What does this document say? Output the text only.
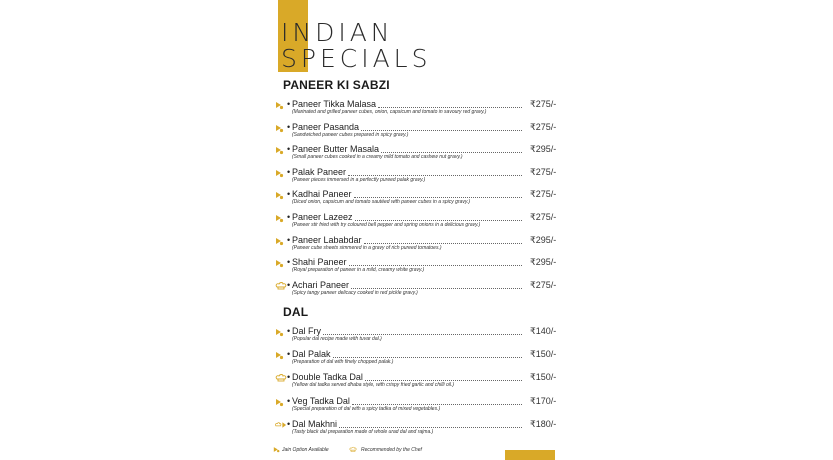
INDIAN
SPECIALS
PANEER KI SABZI
DAL
• Paneer Tikka Malasa	₹275/-
(Marinated and grilled paneer cubes, onion, capsicum and tomato in savoury red gravy.)
• Paneer Pasanda	₹275/-
(Sandwiched paneer cubes prepared in spicy gravy.)
• Paneer Butter Masala	₹295/-
(Small paneer cubes cooked in a creamy mild tomato and cashew nut gravy.)
• Palak Paneer	₹275/-
(Paneer pieces immersed in a perfectly pureed palak gravy.)
• Kadhai Paneer	₹275/-
(Diced onion, capsicum and tomato sautéed with paneer cubes in a spicy gravy.)
• Paneer Lazeez	₹275/-
(Paneer stir fried with try coloured bell pepper and spring onions in a delicious gravy.)
• Paneer Lababdar	₹295/-
(Paneer cube sheets simmered in a gravy of rich pureed tomatoes.)
• Shahi Paneer	₹295/-
(Royal preparation of paneer in a mild, creamy white gravy.)
• Achari Paneer	₹275/-
(Spicy tangy paneer delicacy cooked in red pickle gravy.)
• Dal Fry	₹140/-
(Popular dal recipe made with tuvar dal.)
• Dal Palak	₹150/-
(Preparation of dal with finely chopped palak.)
• Double Tadka Dal	₹150/-
(Yellow dal tadka served dhaba style, with crispy fried garlic and chilli oil.)
• Veg Tadka Dal	₹170/-
(Special preparation of dal with a spicy tadka of mixed vegetables.)
• Dal Makhni	₹180/-
(Tasty black dal preparation made of whole urad dal and rajma.)
Jain Option Available	Recommended by the Chef
